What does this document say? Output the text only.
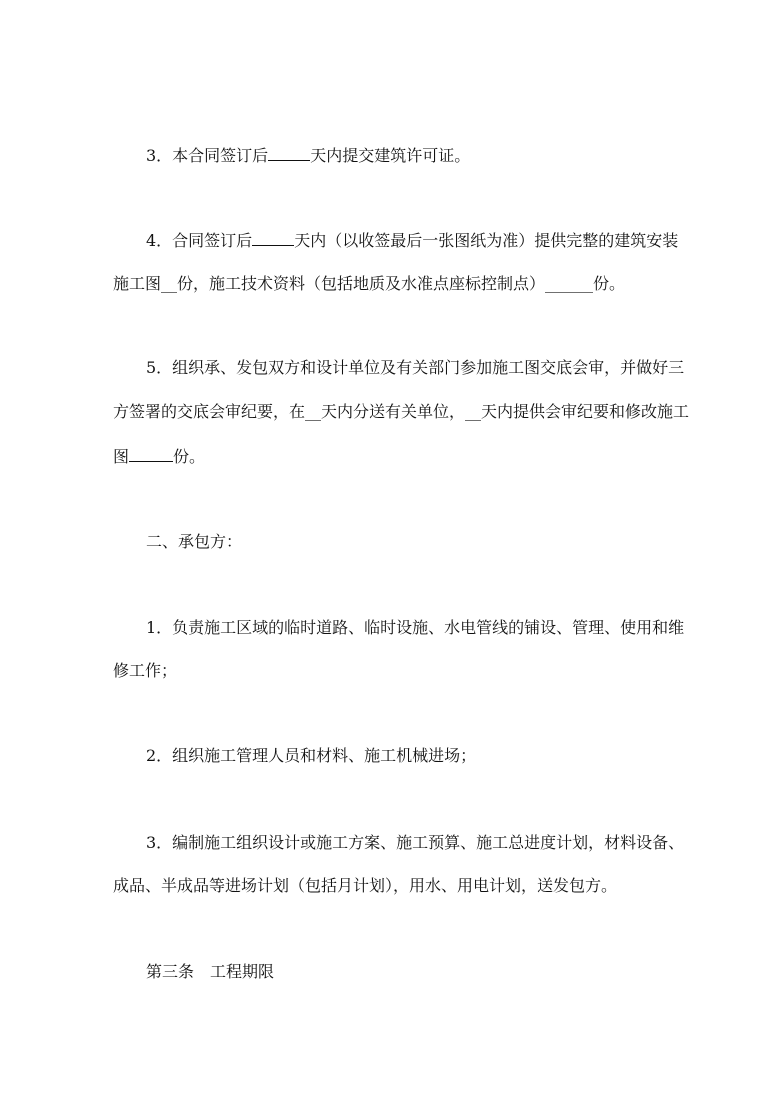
3．本合同签订后	天内提交建筑许可证。
4．合同签订后	天内（以收签最后一张图纸为准）提供完整的建筑安装
施工图__份，施工技术资料（包括地质及水准点座标控制点）______份。
5．组织承、发包双方和设计单位及有关部门参加施工图交底会审，并做好三
方签署的交底会审纪要，在__天内分送有关单位，__天内提供会审纪要和修改施工
图	份。
二、承包方：
1．负责施工区域的临时道路、临时设施、水电管线的铺设、管理、使用和维
修工作；
2．组织施工管理人员和材料、施工机械进场；
3．编制施工组织设计或施工方案、施工预算、施工总进度计划，材料设备、
成品、半成品等进场计划（包括月计划），用水、用电计划，送发包方。
第三条　工程期限
